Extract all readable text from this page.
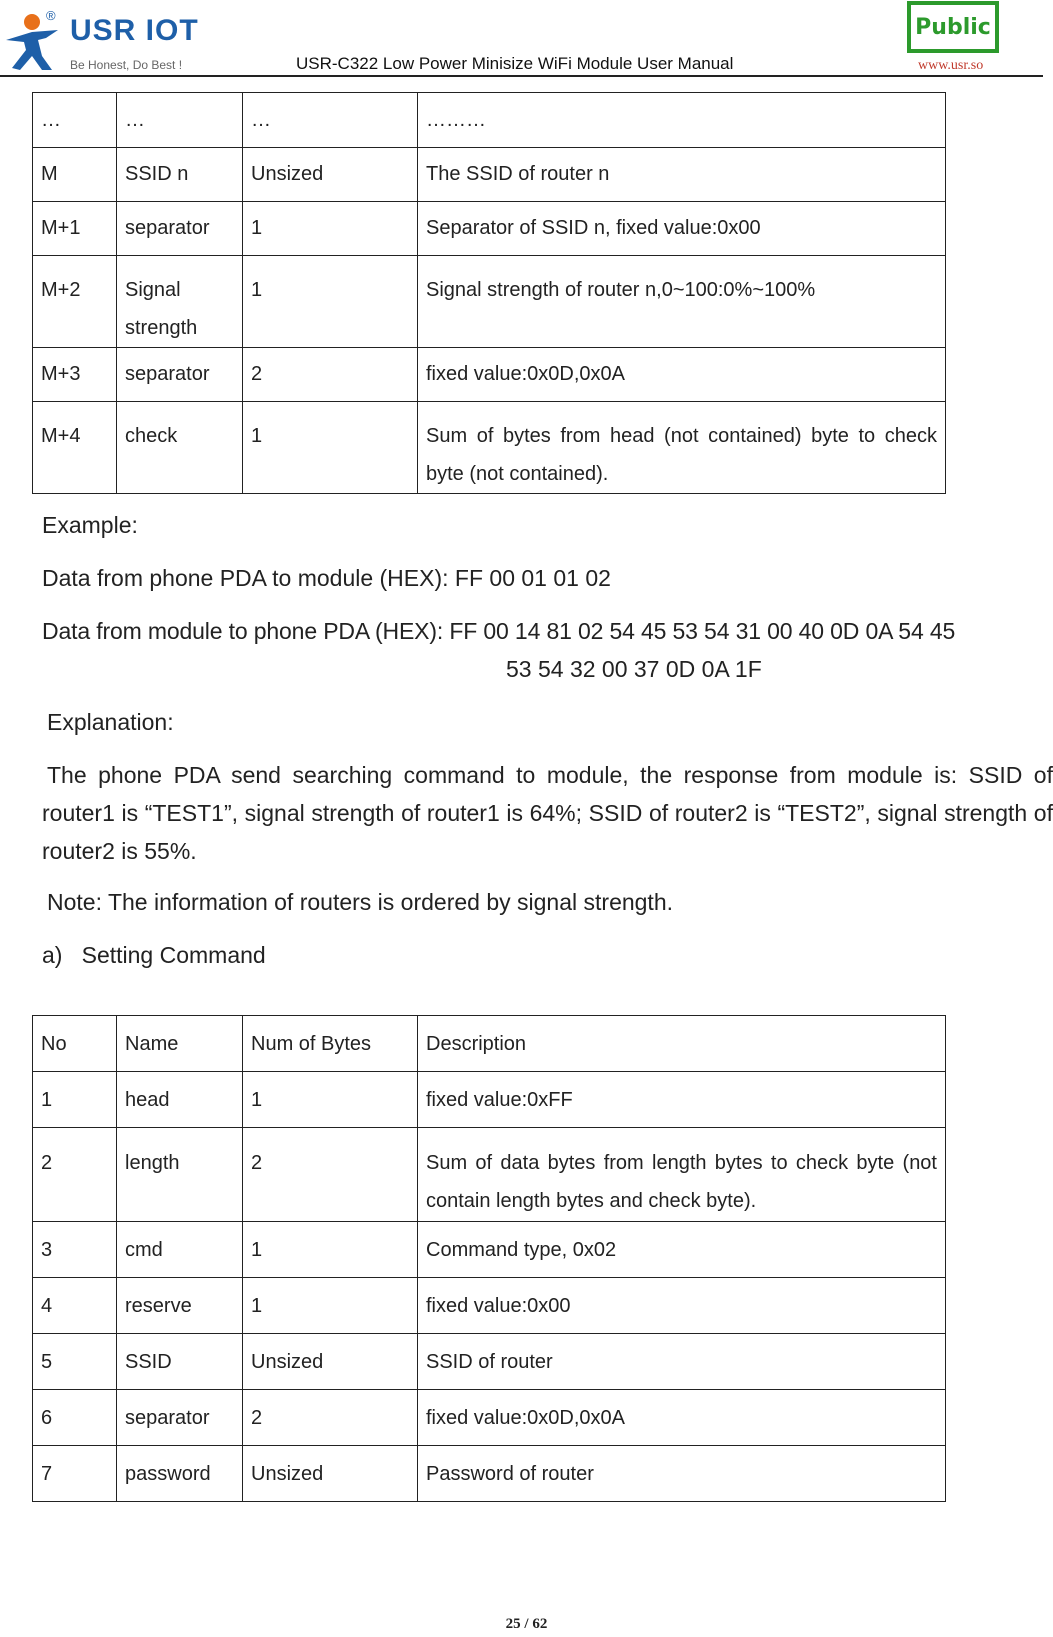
® USR IOT
Be Honest, Do Best !	USR-C322 Low Power Minisize WiFi Module User Manual
Public
www.usr.so
…	…	…	………
M	SSID n	Unsized	The SSID of router n
M+1	separator	1	Separator of SSID n, fixed value:0x00
M+2	Signal strength	1	Signal strength of router n,0~100:0%~100%
M+3	separator	2	fixed value:0x0D,0x0A
M+4	check	1	Sum of bytes from head (not contained) byte to check byte (not contained).
Example:
Data from phone PDA to module (HEX): FF 00 01 01 02
Data from module to phone PDA (HEX): FF 00 14 81 02 54 45 53 54 31 00 40 0D 0A 54 45
53 54 32 00 37 0D 0A 1F
Explanation:
The phone PDA send searching command to module, the response from module is: SSID of router1 is “TEST1”, signal strength of router1 is 64%; SSID of router2 is “TEST2”, signal strength of router2 is 55%.
Note: The information of routers is ordered by signal strength.
a)   Setting Command
No	Name	Num of Bytes	Description
1	head	1	fixed value:0xFF
2	length	2	Sum of data bytes from length bytes to check byte (not contain length bytes and check byte).
3	cmd	1	Command type, 0x02
4	reserve	1	fixed value:0x00
5	SSID	Unsized	SSID of router
6	separator	2	fixed value:0x0D,0x0A
7	password	Unsized	Password of router
25 / 62
